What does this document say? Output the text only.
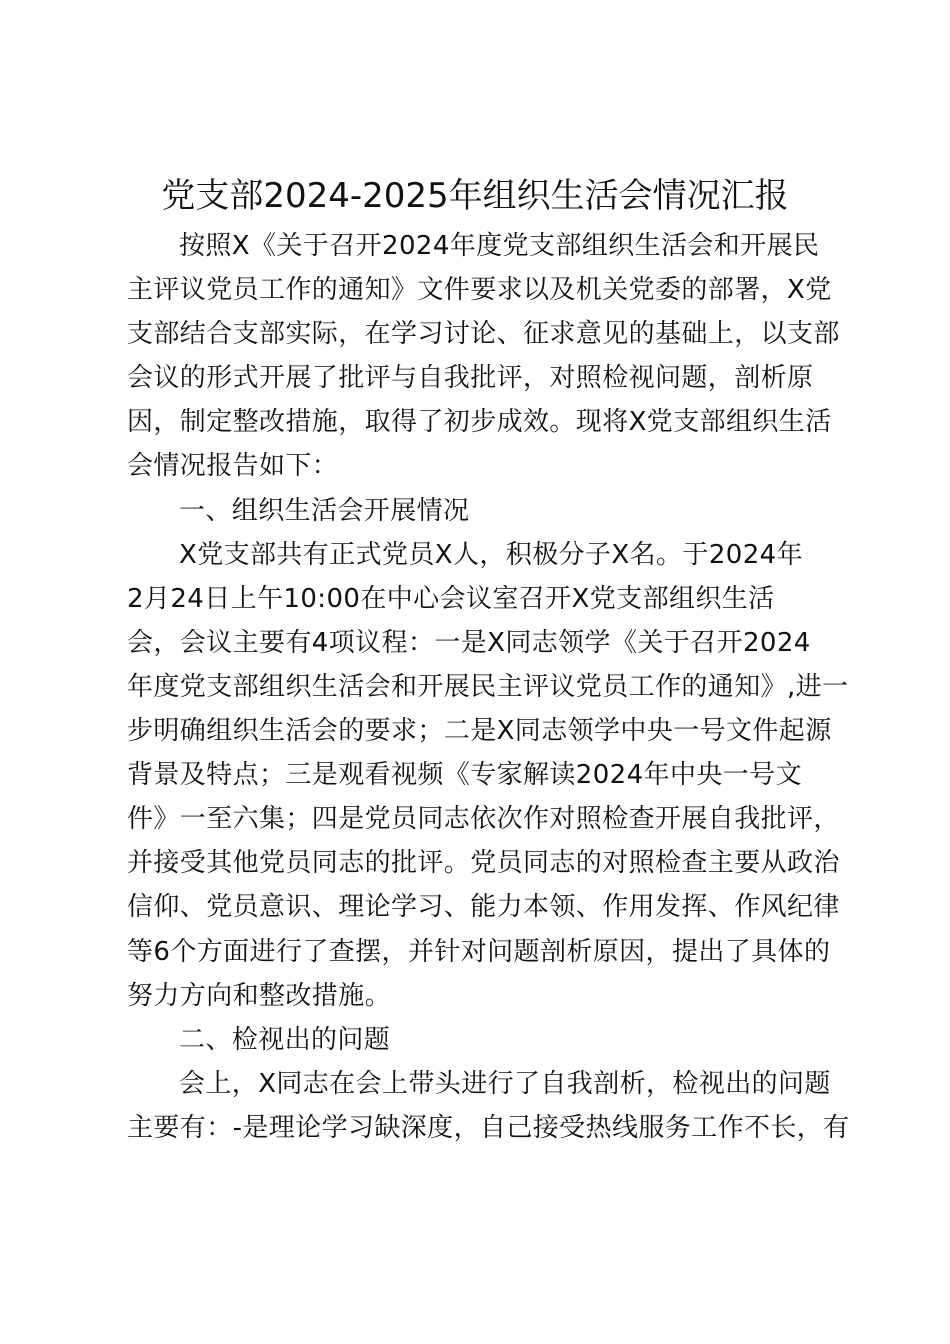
党支部2024-2025年组织生活会情况汇报
按照X《关于召开2024年度党支部组织生活会和开展民
主评议党员工作的通知》文件要求以及机关党委的部署，X党
支部结合支部实际，在学习讨论、征求意见的基础上，以支部
会议的形式开展了批评与自我批评，对照检视问题，剖析原
因，制定整改措施，取得了初步成效。现将X党支部组织生活
会情况报告如下：
一、组织生活会开展情况
X党支部共有正式党员X人，积极分子X名。于2024年
2月24日上午10:00在中心会议室召开X党支部组织生活
会，会议主要有4项议程：一是X同志领学《关于召开2024
年度党支部组织生活会和开展民主评议党员工作的通知》,进一
步明确组织生活会的要求；二是X同志领学中央一号文件起源
背景及特点；三是观看视频《专家解读2024年中央一号文
件》一至六集；四是党员同志依次作对照检查开展自我批评，
并接受其他党员同志的批评。党员同志的对照检查主要从政治
信仰、党员意识、理论学习、能力本领、作用发挥、作风纪律
等6个方面进行了查摆，并针对问题剖析原因，提出了具体的
努力方向和整改措施。
二、检视出的问题
会上，X同志在会上带头进行了自我剖析，检视出的问题
主要有：-是理论学习缺深度，自己接受热线服务工作不长，有
